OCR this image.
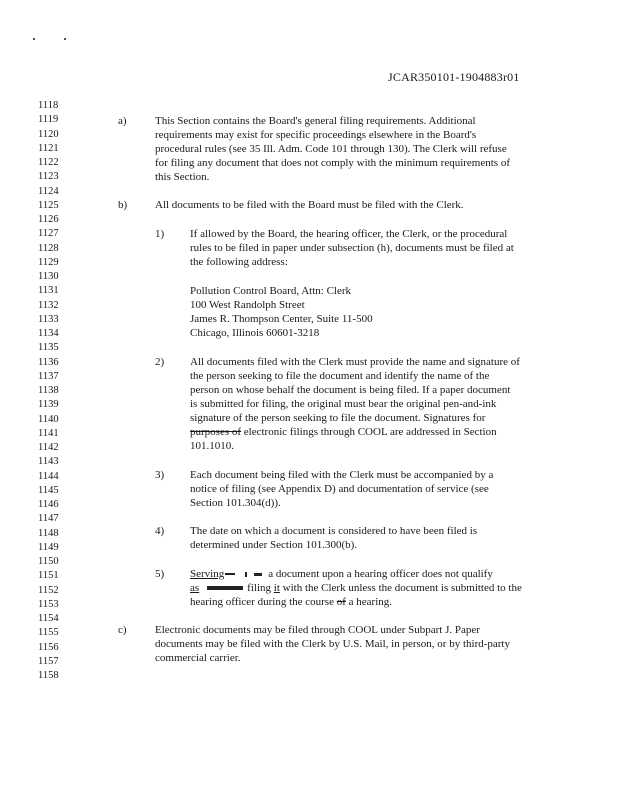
JCAR350101-1904883r01
1118
1119
1120
1121
1122
1123
1124
1125
1126
1127
1128
1129
1130
1131
1132
1133
1134
1135
1136
1137
1138
1139
1140
1141
1142
1143
1144
1145
1146
1147
1148
1149
1150
1151
1152
1153
1154
1155
1156
1157
1158
a)	This Section contains the Board's general filing requirements. Additional
requirements may exist for specific proceedings elsewhere in the Board's
procedural rules (see 35 Ill. Adm. Code 101 through 130). The Clerk will refuse
for filing any document that does not comply with the minimum requirements of
this Section.
b)	All documents to be filed with the Board must be filed with the Clerk.
1) If allowed by the Board, the hearing officer, the Clerk, or the procedural
rules to be filed in paper under subsection (h), documents must be filed at
the following address:
Pollution Control Board, Attn: Clerk
100 West Randolph Street
James R. Thompson Center, Suite 11-500
Chicago, Illinois 60601-3218
2) All documents filed with the Clerk must provide the name and signature of
the person seeking to file the document and identify the name of the
person on whose behalf the document is being filed. If a paper document
is submitted for filing, the original must bear the original pen-and-ink
signature of the person seeking to file the document. Signatures for
purposes of electronic filings through COOL are addressed in Section
101.1010.
3) Each document being filed with the Clerk must be accompanied by a
notice of filing (see Appendix D) and documentation of service (see
Section 101.304(d)).
4) The date on which a document is considered to have been filed is
determined under Section 101.300(b).
5) Serving	a document upon a hearing officer does not qualify
as	filing it with the Clerk unless the document is submitted to the
hearing officer during the course of a hearing.
c)	Electronic documents may be filed through COOL under Subpart J. Paper
documents may be filed with the Clerk by U.S. Mail, in person, or by third-party
commercial carrier.
